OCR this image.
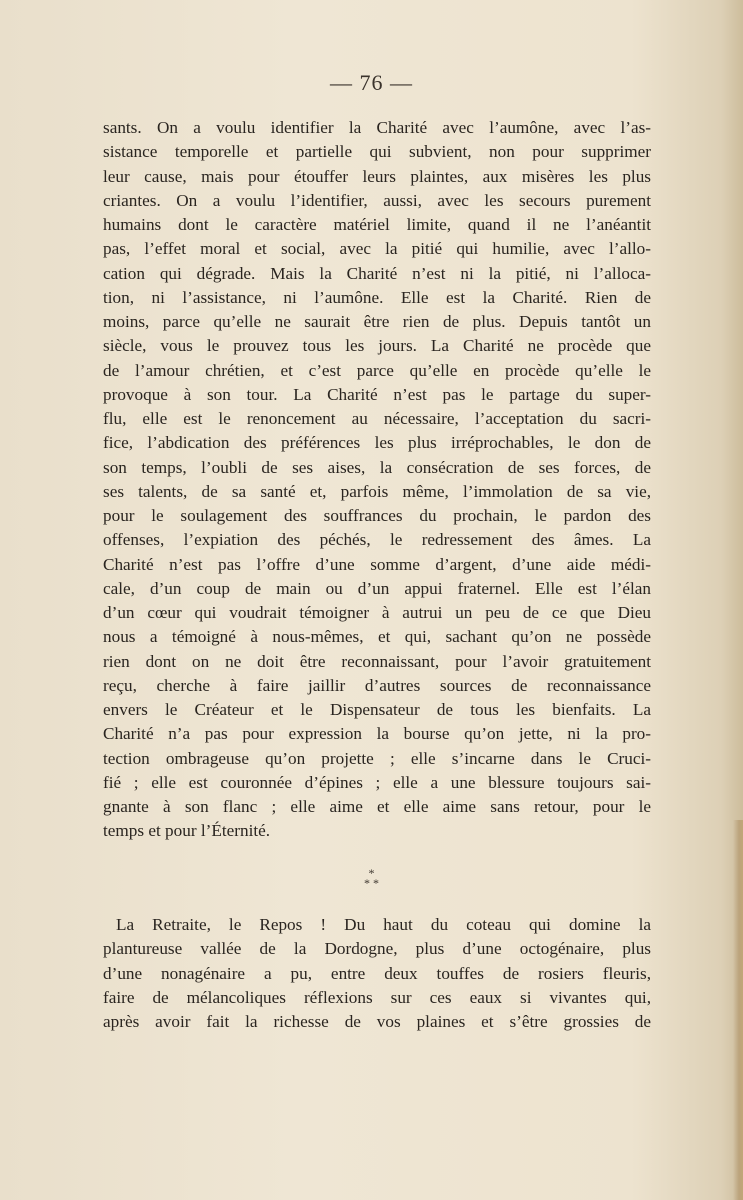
— 76 —
sants. On a voulu identifier la Charité avec l’aumône, avec l’as-
sistance temporelle et partielle qui subvient, non pour supprimer
leur cause, mais pour étouffer leurs plaintes, aux misères les plus
criantes. On a voulu l’identifier, aussi, avec les secours purement
humains dont le caractère matériel limite, quand il ne l’anéantit
pas, l’effet moral et social, avec la pitié qui humilie, avec l’allo-
cation qui dégrade. Mais la Charité n’est ni la pitié, ni l’alloca-
tion, ni l’assistance, ni l’aumône. Elle est la Charité. Rien de
moins, parce qu’elle ne saurait être rien de plus. Depuis tantôt un
siècle, vous le prouvez tous les jours. La Charité ne procède que
de l’amour chrétien, et c’est parce qu’elle en procède qu’elle le
provoque à son tour. La Charité n’est pas le partage du super-
flu, elle est le renoncement au nécessaire, l’acceptation du sacri-
fice, l’abdication des préférences les plus irréprochables, le don de
son temps, l’oubli de ses aises, la consécration de ses forces, de
ses talents, de sa santé et, parfois même, l’immolation de sa vie,
pour le soulagement des souffrances du prochain, le pardon des
offenses, l’expiation des péchés, le redressement des âmes. La
Charité n’est pas l’offre d’une somme d’argent, d’une aide médi-
cale, d’un coup de main ou d’un appui fraternel. Elle est l’élan
d’un cœur qui voudrait témoigner à autrui un peu de ce que Dieu
nous a témoigné à nous-mêmes, et qui, sachant qu’on ne possède
rien dont on ne doit être reconnaissant, pour l’avoir gratuitement
reçu, cherche à faire jaillir d’autres sources de reconnaissance
envers le Créateur et le Dispensateur de tous les bienfaits. La
Charité n’a pas pour expression la bourse qu’on jette, ni la pro-
tection ombrageuse qu’on projette ; elle s’incarne dans le Cruci-
fié ; elle est couronnée d’épines ; elle a une blessure toujours sai-
gnante à son flanc ; elle aime et elle aime sans retour, pour le
temps et pour l’Éternité.
*
* *
La Retraite, le Repos ! Du haut du coteau qui domine la
plantureuse vallée de la Dordogne, plus d’une octogénaire, plus
d’une nonagénaire a pu, entre deux touffes de rosiers fleuris,
faire de mélancoliques réflexions sur ces eaux si vivantes qui,
après avoir fait la richesse de vos plaines et s’être grossies de
